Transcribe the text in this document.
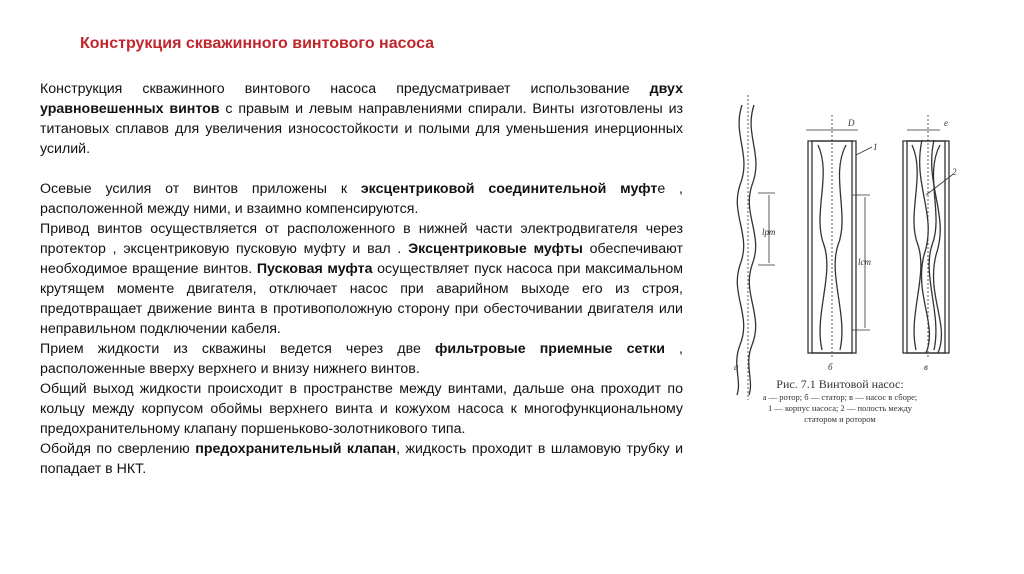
Конструкция скважинного винтового насоса

Конструкция скважинного винтового насоса предусматривает использование двух уравновешенных винтов с правым и левым направлениями спирали. Винты изготовлены из титановых сплавов для увеличения износостойкости и полыми для уменьшения инерционных усилий.

Осевые усилия от винтов приложены к эксцентриковой соединительной муфте , расположенной между ними, и взаимно компенсируются.

Привод винтов осуществляется от расположенного в нижней части электродвигателя через протектор , эксцентриковую пусковую муфту и вал . Эксцентриковые муфты обеспечивают необходимое вращение винтов. Пусковая муфта осуществляет пуск насоса при максимальном крутящем моменте двигателя, отключает насос при аварийном выходе его из строя, предотвращает движение винта в противоположную сторону при обесточивании двигателя или неправильном подключении кабеля.

Прием жидкости из скважины ведется через две фильтровые приемные сетки , расположенные вверху верхнего и внизу нижнего винтов.

Общий выход жидкости происходит в пространстве между винтами, дальше она проходит по кольцу между корпусом обоймы верхнего винта и кожухом насоса к многофункциональному предохранительному клапану поршеньково-золотникового типа.

Обойдя по сверлению предохранительный клапан, жидкость проходит в шламовую трубку и попадает в НКТ.

а	б	в
D	e
1
2
lрт
lст
Рис. 7.1 Винтовой насос:
а — ротор; б — статор; в — насос в сборе;
1 — корпус насоса; 2 — полость между
статором и ротором
